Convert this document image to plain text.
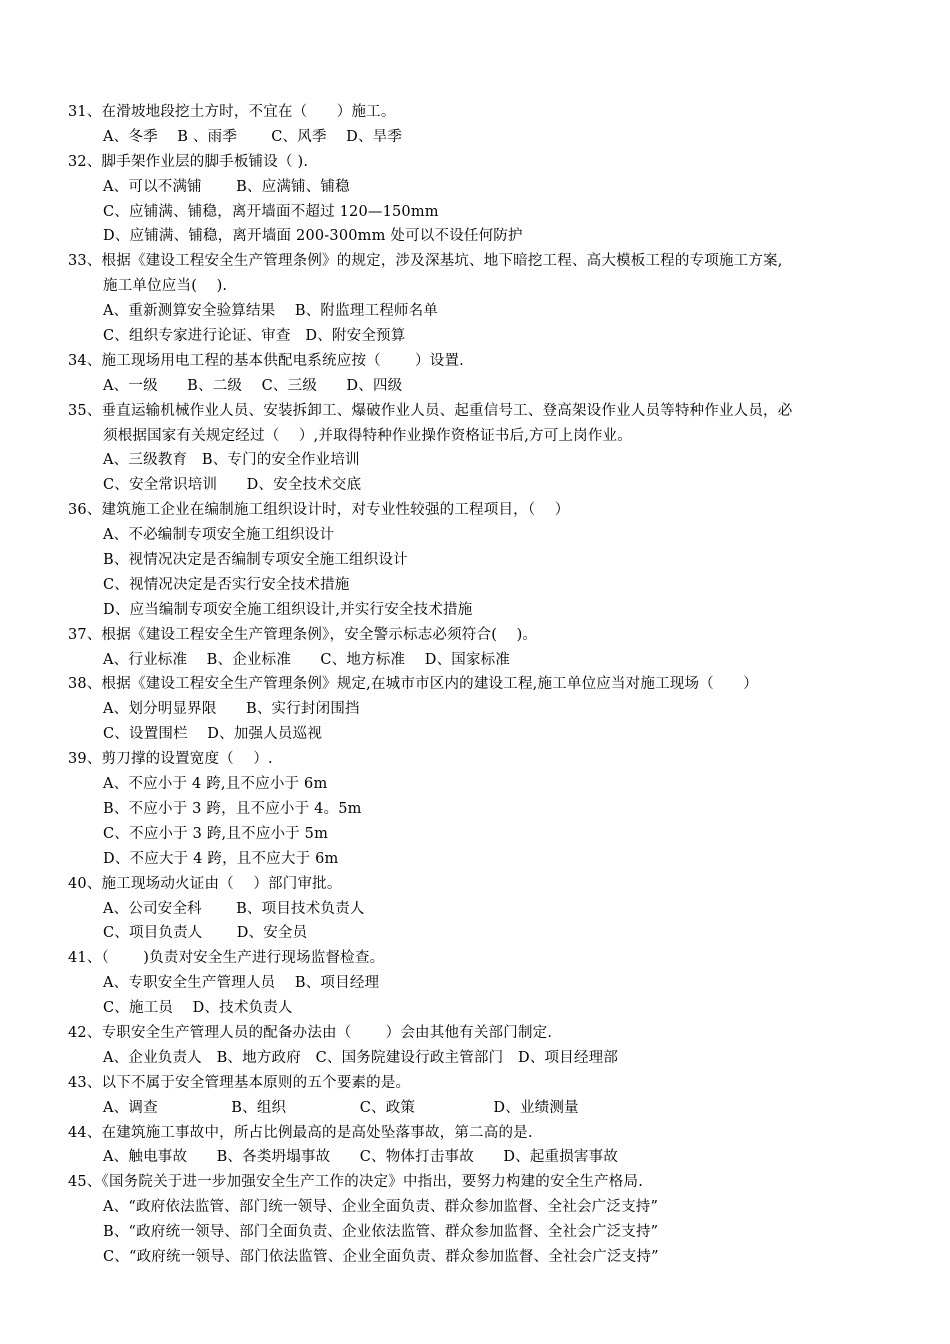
31、在滑坡地段挖土方时，不宜在（　　）施工。
A、冬季　 B 、雨季　　 C、风季　 D、旱季
32、脚手架作业层的脚手板铺设（ ).
A、可以不满铺　　 B、应满铺、铺稳
C、应铺满、铺稳，离开墙面不超过 120—150mm
D、应铺满、铺稳，离开墙面 200-300mm 处可以不设任何防护
33、根据《建设工程安全生产管理条例》的规定，涉及深基坑、地下暗挖工程、高大模板工程的专项施工方案,
施工单位应当(　 ).
A、重新测算安全验算结果　 B、附监理工程师名单
C、组织专家进行论证、审查　D、附安全预算
34、施工现场用电工程的基本供配电系统应按（　　 ）设置.
A、一级　　B、二级　 C、三级　　D、四级
35、垂直运输机械作业人员、安装拆卸工、爆破作业人员、起重信号工、登高架设作业人员等特种作业人员，必
须根据国家有关规定经过（　 ）,并取得特种作业操作资格证书后,方可上岗作业。
A、三级教育　B、专门的安全作业培训
C、安全常识培训　　D、安全技术交底
36、建筑施工企业在编制施工组织设计时，对专业性较强的工程项目，（　 ）
A、不必编制专项安全施工组织设计
B、视情况决定是否编制专项安全施工组织设计
C、视情况决定是否实行安全技术措施
D、应当编制专项安全施工组织设计,并实行安全技术措施
37、根据《建设工程安全生产管理条例》，安全警示标志必须符合(　 )。
A、行业标准　 B、企业标准　　C、地方标准　 D、国家标准
38、根据《建设工程安全生产管理条例》规定,在城市市区内的建设工程,施工单位应当对施工现场（　　）
A、划分明显界限　　B、实行封闭围挡
C、设置围栏　 D、加强人员巡视
39、剪刀撑的设置宽度（　 ）.
A、不应小于 4 跨,且不应小于 6m
B、不应小于 3 跨，且不应小于 4。5m
C、不应小于 3 跨,且不应小于 5m
D、不应大于 4 跨，且不应大于 6m
40、施工现场动火证由（　 ）部门审批。
A、公司安全科　　 B、项目技术负责人
C、项目负责人　　 D、安全员
41、（　　 )负责对安全生产进行现场监督检查。
A、专职安全生产管理人员　 B、项目经理
C、施工员　 D、技术负责人
42、专职安全生产管理人员的配备办法由（　　 ）会由其他有关部门制定.
A、企业负责人　B、地方政府　C、国务院建设行政主管部门　D、项目经理部
43、以下不属于安全管理基本原则的五个要素的是。
A、调查　　　　　B、组织　　　　　C、政策　　　　　 D、业绩测量
44、在建筑施工事故中，所占比例最高的是高处坠落事故，第二高的是.
A、触电事故　　B、各类坍塌事故　　C、物体打击事故　　D、起重损害事故
45、《国务院关于进一步加强安全生产工作的决定》中指出，要努力构建的安全生产格局.
A、“政府依法监管、部门统一领导、企业全面负责、群众参加监督、全社会广泛支持”
B、“政府统一领导、部门全面负责、企业依法监管、群众参加监督、全社会广泛支持”
C、“政府统一领导、部门依法监管、企业全面负责、群众参加监督、全社会广泛支持”
